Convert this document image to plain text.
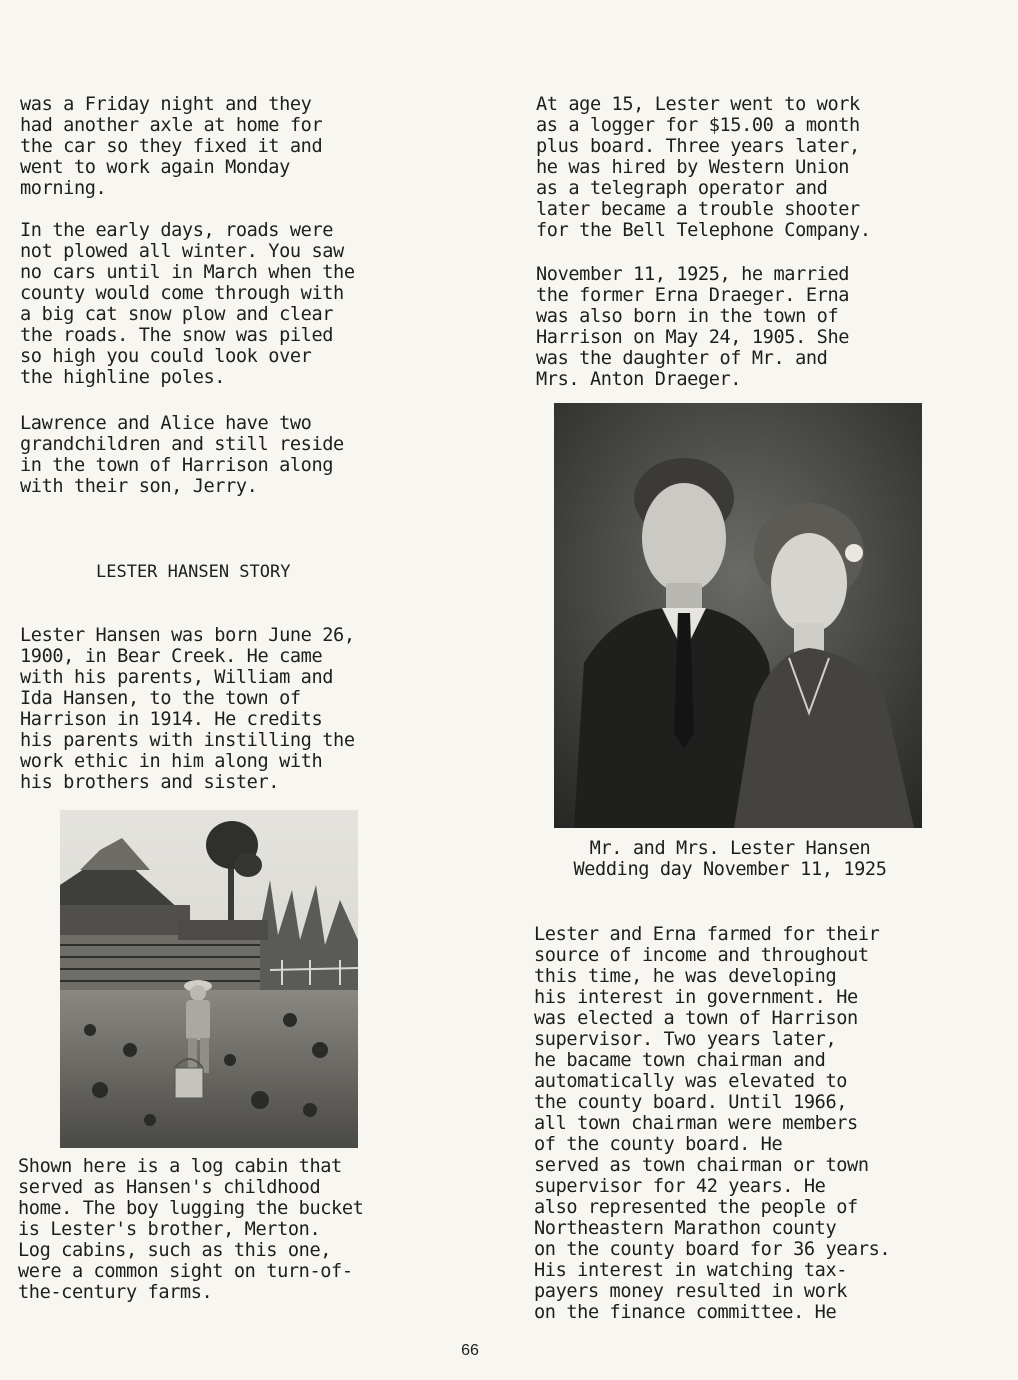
was a Friday night and they
had another axle at home for
the car so they fixed it and
went to work again Monday
morning.

In the early days, roads were
not plowed all winter. You saw
no cars until in March when the
county would come through with
a big cat snow plow and clear
the roads. The snow was piled
so high you could look over
the highline poles.

Lawrence and Alice have two
grandchildren and still reside
in the town of Harrison along
with their son, Jerry.

LESTER HANSEN STORY

Lester Hansen was born June 26,
1900, in Bear Creek. He came
with his parents, William and
Ida Hansen, to the town of
Harrison in 1914. He credits
his parents with instilling the
work ethic in him along with
his brothers and sister.

Shown here is a log cabin that
served as Hansen's childhood
home. The boy lugging the bucket
is Lester's brother, Merton.
Log cabins, such as this one,
were a common sight on turn-of-
the-century farms.

At age 15, Lester went to work
as a logger for $15.00 a month
plus board. Three years later,
he was hired by Western Union
as a telegraph operator and
later became a trouble shooter
for the Bell Telephone Company.

November 11, 1925, he married
the former Erna Draeger. Erna
was also born in the town of
Harrison on May 24, 1905. She
was the daughter of Mr. and
Mrs. Anton Draeger.

Mr. and Mrs. Lester Hansen
Wedding day November 11, 1925

Lester and Erna farmed for their
source of income and throughout
this time, he was developing
his interest in government. He
was elected a town of Harrison
supervisor. Two years later,
he bacame town chairman and
automatically was elevated to
the county board. Until 1966,
all town chairman were members
of the county board. He
served as town chairman or town
supervisor for 42 years. He
also represented the people of
Northeastern Marathon county
on the county board for 36 years.
His interest in watching tax-
payers money resulted in work
on the finance committee. He

66
